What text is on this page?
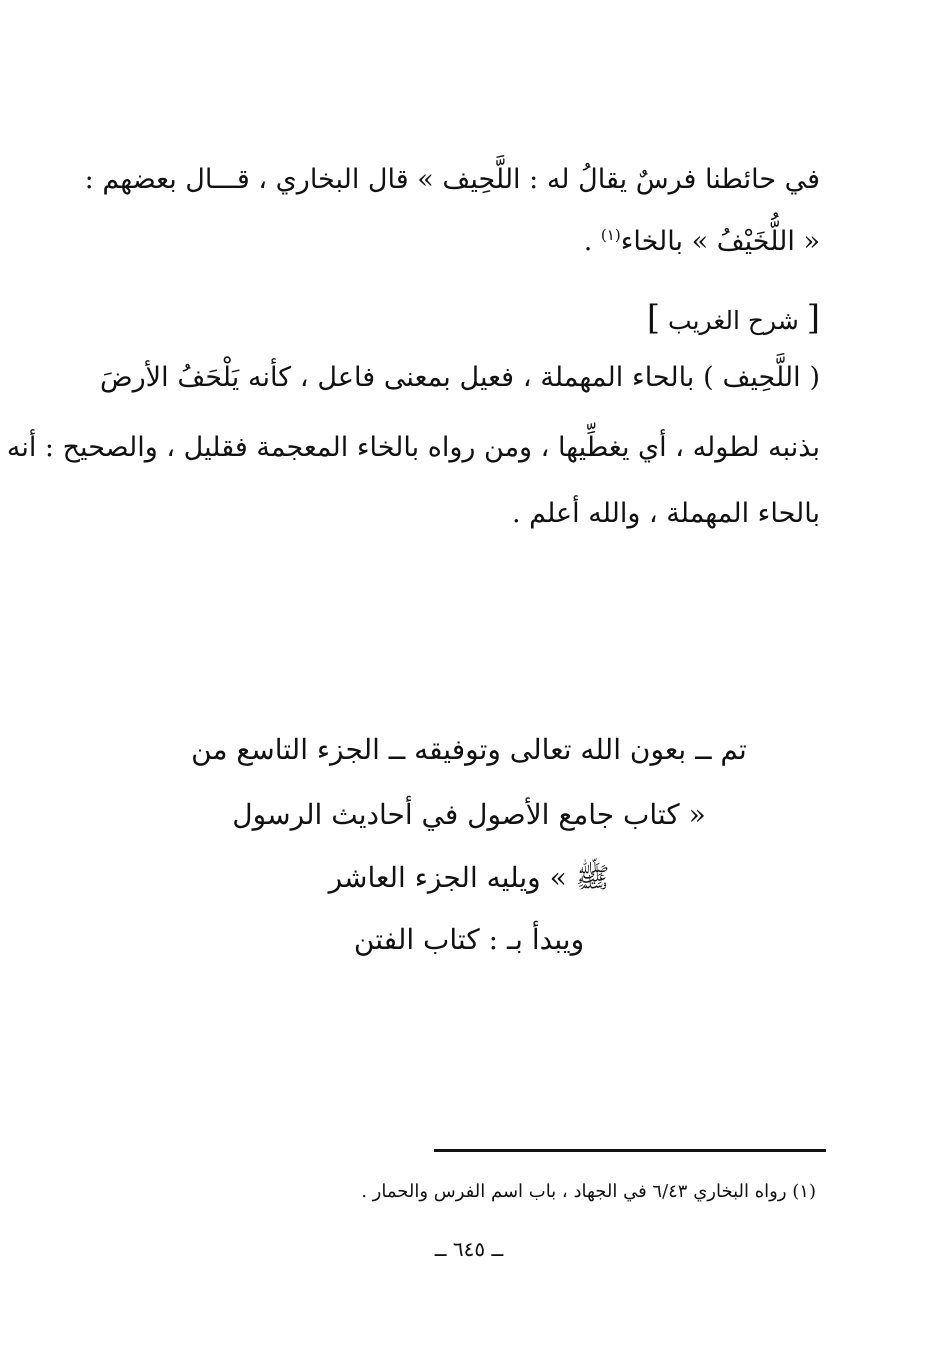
في حائطنا فرسٌ يقالُ له : اللَّحِيف » قال البخاري ، قـــال بعضهم :
« اللُّخَيْفُ » بالخاء$^{(١)}$ .
[ شرح الغريب ]
( اللَّحِيف ) بالحاء المهملة ، فعيل بمعنى فاعل ، كأنه يَلْحَفُ الأرضَ
بذنبه لطوله ، أي يغطِّيها ، ومن رواه بالخاء المعجمة فقليل ، والصحيح : أنه
بالحاء المهملة ، والله أعلم .
تم ــ بعون الله تعالى وتوفيقه ــ الجزء التاسع من
« كتاب جامع الأصول في أحاديث الرسول
ﷺ » ويليه الجزء العاشر
ويبدأ بـ : كتاب الفتن
(١) رواه البخاري ٦/٤٣ في الجهاد ، باب اسم الفرس والحمار .
ــ ٦٤٥ ــ
